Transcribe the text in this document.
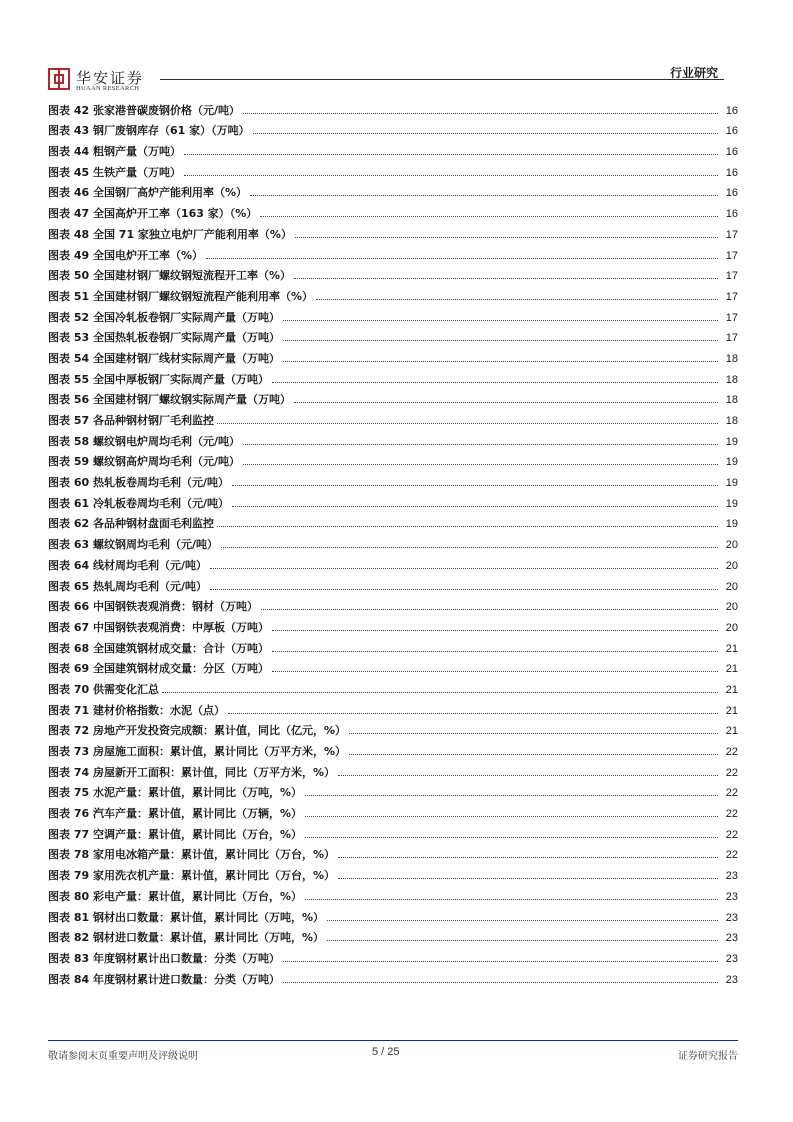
华安证券
HUAAN RESEARCH
行业研究
图表 42 张家港普碳废钢价格（元/吨）	16
图表 43 钢厂废钢库存（61 家）（万吨）	16
图表 44 粗钢产量（万吨）	16
图表 45 生铁产量（万吨）	16
图表 46 全国钢厂高炉产能利用率（%）	16
图表 47 全国高炉开工率（163 家）（%）	16
图表 48 全国 71 家独立电炉厂产能利用率（%）	17
图表 49 全国电炉开工率（%）	17
图表 50 全国建材钢厂螺纹钢短流程开工率（%）	17
图表 51 全国建材钢厂螺纹钢短流程产能利用率（%）	17
图表 52 全国冷轧板卷钢厂实际周产量（万吨）	17
图表 53 全国热轧板卷钢厂实际周产量（万吨）	17
图表 54 全国建材钢厂线材实际周产量（万吨）	18
图表 55 全国中厚板钢厂实际周产量（万吨）	18
图表 56 全国建材钢厂螺纹钢实际周产量（万吨）	18
图表 57 各品种钢材钢厂毛利监控	18
图表 58 螺纹钢电炉周均毛利（元/吨）	19
图表 59 螺纹钢高炉周均毛利（元/吨）	19
图表 60 热轧板卷周均毛利（元/吨）	19
图表 61 冷轧板卷周均毛利（元/吨）	19
图表 62 各品种钢材盘面毛利监控	19
图表 63 螺纹钢周均毛利（元/吨）	20
图表 64 线材周均毛利（元/吨）	20
图表 65 热轧周均毛利（元/吨）	20
图表 66 中国钢铁表观消费：钢材（万吨）	20
图表 67 中国钢铁表观消费：中厚板（万吨）	20
图表 68 全国建筑钢材成交量：合计（万吨）	21
图表 69 全国建筑钢材成交量：分区（万吨）	21
图表 70 供需变化汇总	21
图表 71 建材价格指数：水泥（点）	21
图表 72 房地产开发投资完成额：累计值，同比（亿元，%）	21
图表 73 房屋施工面积：累计值，累计同比（万平方米，%）	22
图表 74 房屋新开工面积：累计值，同比（万平方米，%）	22
图表 75 水泥产量：累计值，累计同比（万吨，%）	22
图表 76 汽车产量：累计值，累计同比（万辆，%）	22
图表 77 空调产量：累计值，累计同比（万台，%）	22
图表 78 家用电冰箱产量：累计值，累计同比（万台，%）	22
图表 79 家用洗衣机产量：累计值，累计同比（万台，%）	23
图表 80 彩电产量：累计值，累计同比（万台，%）	23
图表 81 钢材出口数量：累计值，累计同比（万吨，%）	23
图表 82 钢材进口数量：累计值，累计同比（万吨，%）	23
图表 83 年度钢材累计出口数量：分类（万吨）	23
图表 84 年度钢材累计进口数量：分类（万吨）	23
敬请参阅末页重要声明及评级说明	5 / 25	证券研究报告
